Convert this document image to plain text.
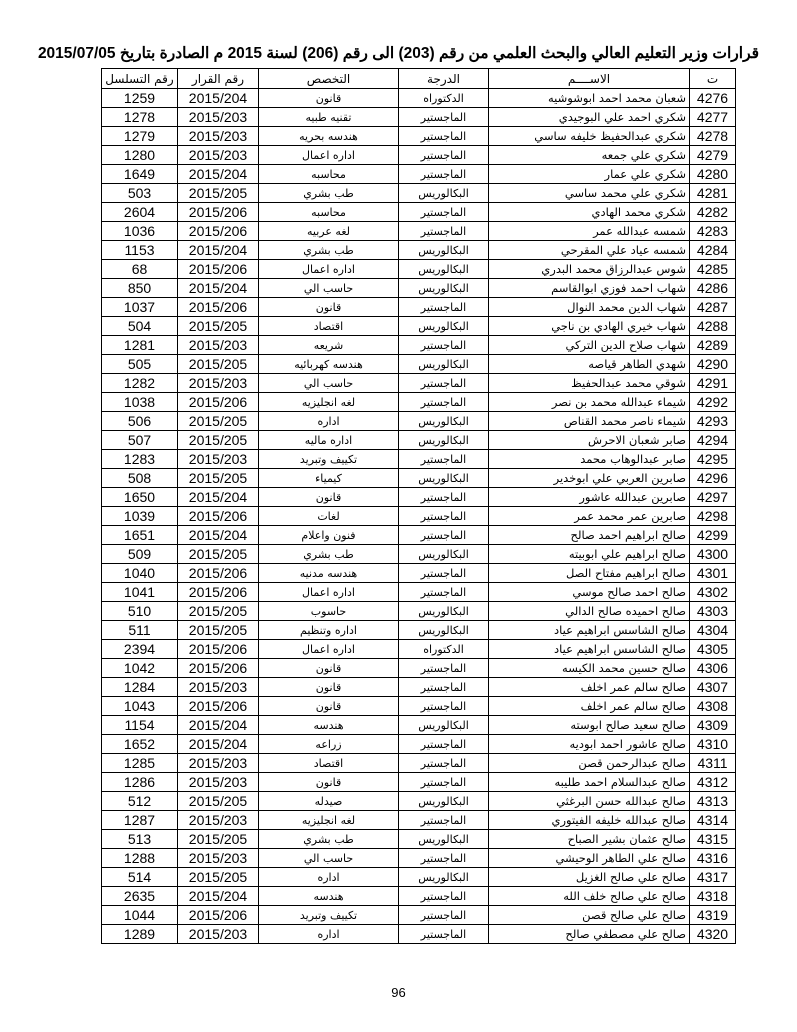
قرارات وزير التعليم العالي والبحث العلمي من رقم (203) الى رقم (206) لسنة 2015 م الصادرة بتاريخ 2015/07/05
ت	الاســــم	الدرجة	التخصص	رقم القرار	رقم التسلسل
4276	شعبان محمد احمد ابوشوشيه	الدكتوراه	قانون	2015/204	1259
4277	شكري احمد علي البوجيدي	الماجستير	تقنيه طبيه	2015/203	1278
4278	شكري عبدالحفيظ خليفه ساسي	الماجستير	هندسه بحريه	2015/203	1279
4279	شكري علي جمعه	الماجستير	اداره اعمال	2015/203	1280
4280	شكري علي عمار	الماجستير	محاسبه	2015/204	1649
4281	شكري علي محمد ساسي	البكالوريس	طب بشري	2015/205	503
4282	شكري محمد الهادي	الماجستير	محاسبه	2015/206	2604
4283	شمسه عبدالله عمر	الماجستير	لغه عربيه	2015/206	1036
4284	شمسه عياد علي المقرحي	البكالوريس	طب بشري	2015/204	1153
4285	شوس عبدالرزاق محمد البدري	البكالوريس	اداره اعمال	2015/206	68
4286	شهاب احمد فوزي ابوالقاسم	البكالوريس	حاسب الي	2015/204	850
4287	شهاب الدين محمد النوال	الماجستير	قانون	2015/206	1037
4288	شهاب خيري الهادي بن ناجي	البكالوريس	اقتصاد	2015/205	504
4289	شهاب صلاح الدين التركي	الماجستير	شريعه	2015/203	1281
4290	شهدي الطاهر قياصه	البكالوريس	هندسه كهربائيه	2015/205	505
4291	شوقي محمد عبدالحفيظ	الماجستير	حاسب الي	2015/203	1282
4292	شيماء عبدالله محمد بن نصر	الماجستير	لغه انجليزيه	2015/206	1038
4293	شيماء ناصر محمد القناص	البكالوريس	اداره	2015/205	506
4294	صابر شعبان الاحرش	البكالوريس	اداره ماليه	2015/205	507
4295	صابر عبدالوهاب محمد	الماجستير	تكييف وتبريد	2015/203	1283
4296	صابرين العربي علي ابوخدير	البكالوريس	كيمياء	2015/205	508
4297	صابرين عبدالله عاشور	الماجستير	قانون	2015/204	1650
4298	صابرين عمر محمد عمر	الماجستير	لغات	2015/206	1039
4299	صالح ابراهيم احمد صالح	الماجستير	فنون واعلام	2015/204	1651
4300	صالح ابراهيم علي ابوبيته	البكالوريس	طب بشري	2015/205	509
4301	صالح ابراهيم مفتاح الصل	الماجستير	هندسه مدنيه	2015/206	1040
4302	صالح احمد صالح موسي	الماجستير	اداره اعمال	2015/206	1041
4303	صالح احميده صالح الدالي	البكالوريس	حاسوب	2015/205	510
4304	صالح الشاسس ابراهيم عياد	البكالوريس	اداره وتنظيم	2015/205	511
4305	صالح الشاسس ابراهيم عياد	الدكتوراه	اداره اعمال	2015/206	2394
4306	صالح حسين محمد الكيسه	الماجستير	قانون	2015/206	1042
4307	صالح سالم عمر اخلف	الماجستير	قانون	2015/203	1284
4308	صالح سالم عمر اخلف	الماجستير	قانون	2015/206	1043
4309	صالح سعيد صالح ابوسته	البكالوريس	هندسه	2015/204	1154
4310	صالح عاشور احمد ابوديه	الماجستير	زراعه	2015/204	1652
4311	صالح عبدالرحمن قصن	الماجستير	اقتصاد	2015/203	1285
4312	صالح عبدالسلام احمد طليبه	الماجستير	قانون	2015/203	1286
4313	صالح عبدالله حسن البرغثي	البكالوريس	صيدله	2015/205	512
4314	صالح عبدالله خليفه الفيتوري	الماجستير	لغه انجليزيه	2015/203	1287
4315	صالح عثمان بشير الصباح	البكالوريس	طب بشري	2015/205	513
4316	صالح علي الطاهر الوحيشي	الماجستير	حاسب الي	2015/203	1288
4317	صالح علي صالح الغزيل	البكالوريس	اداره	2015/205	514
4318	صالح علي صالح خلف الله	الماجستير	هندسه	2015/204	2635
4319	صالح علي صالح قصن	الماجستير	تكييف وتبريد	2015/206	1044
4320	صالح علي مصطفي صالح	الماجستير	اداره	2015/203	1289
96
